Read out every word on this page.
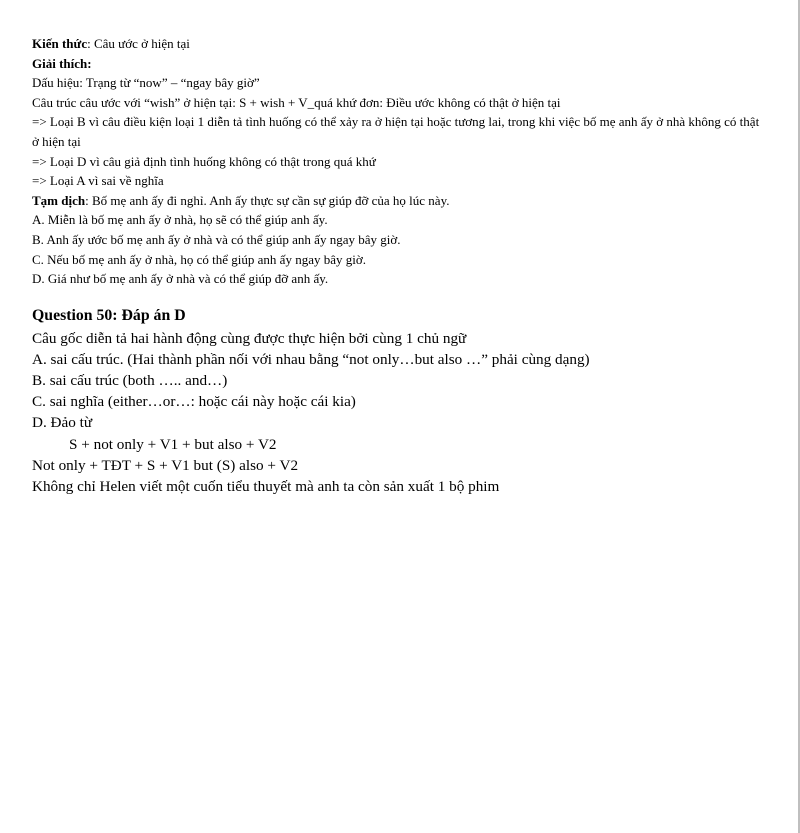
Kiến thức: Câu ước ở hiện tại

Giải thích:

Dấu hiệu: Trạng từ “now” – “ngay bây giờ”

Câu trúc câu ước với “wish” ở hiện tại: S + wish + V_quá khứ đơn: Điều ước không có thật ở hiện tại

=> Loại B vì câu điều kiện loại 1 diễn tả tình huống có thể xảy ra ở hiện tại hoặc tương lai, trong khi việc bố mẹ anh ấy ở nhà không có thật ở hiện tại

=> Loại D vì câu giả định tình huống không có thật trong quá khứ

=> Loại A vì sai về nghĩa

Tạm dịch: Bố mẹ anh ấy đi nghỉ. Anh ấy thực sự cần sự giúp đỡ của họ lúc này.

A. Miễn là bố mẹ anh ấy ở nhà, họ sẽ có thể giúp anh ấy.

B. Anh ấy ước bố mẹ anh ấy ở nhà và có thể giúp anh ấy ngay bây giờ.

C. Nếu bố mẹ anh ấy ở nhà, họ có thể giúp anh ấy ngay bây giờ.

D. Giá như bố mẹ anh ấy ở nhà và có thể giúp đỡ anh ấy.

Question 50: Đáp án D

Câu gốc diễn tả hai hành động cùng được thực hiện bởi cùng 1 chủ ngữ

A. sai cấu trúc. (Hai thành phần nối với nhau bằng “not only…but also …” phải cùng dạng)

B. sai cấu trúc (both ….. and…)

C. sai nghĩa (either…or…: hoặc cái này hoặc cái kia)

D. Đảo từ

S + not only + V1 + but also + V2

Not only + TĐT + S + V1 but (S) also + V2

Không chỉ Helen viết một cuốn tiểu thuyết mà anh ta còn sản xuất 1 bộ phim
